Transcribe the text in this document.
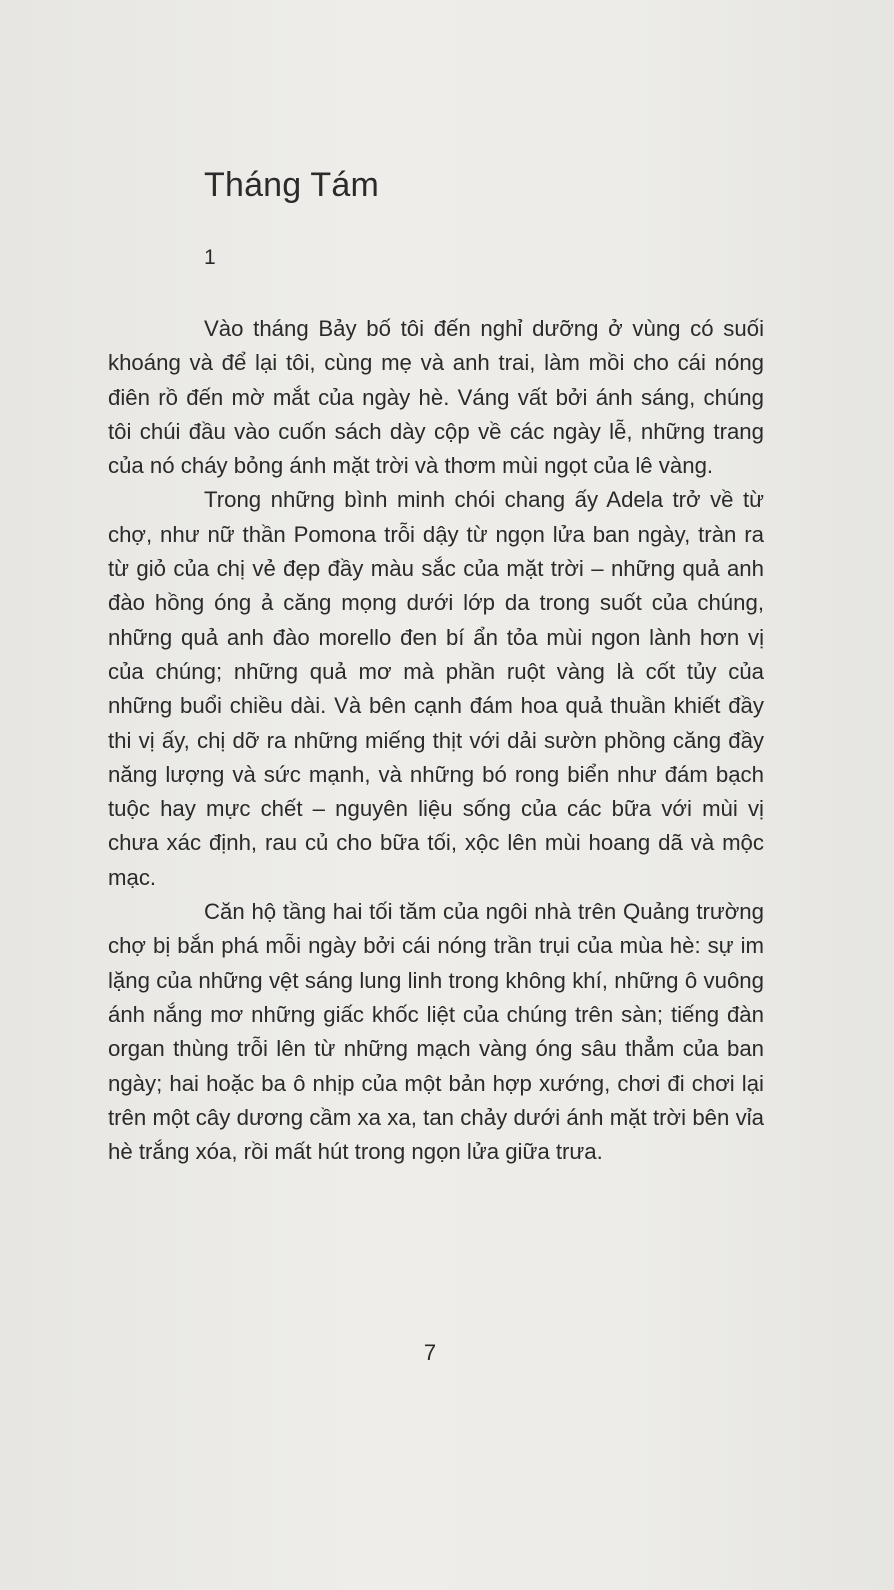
Tháng Tám
1

Vào tháng Bảy bố tôi đến nghỉ dưỡng ở vùng có suối khoáng và để lại tôi, cùng mẹ và anh trai, làm mồi cho cái nóng điên rồ đến mờ mắt của ngày hè. Váng vất bởi ánh sáng, chúng tôi chúi đầu vào cuốn sách dày cộp về các ngày lễ, những trang của nó cháy bỏng ánh mặt trời và thơm mùi ngọt của lê vàng.

Trong những bình minh chói chang ấy Adela trở về từ chợ, như nữ thần Pomona trỗi dậy từ ngọn lửa ban ngày, tràn ra từ giỏ của chị vẻ đẹp đầy màu sắc của mặt trời – những quả anh đào hồng óng ả căng mọng dưới lớp da trong suốt của chúng, những quả anh đào morello đen bí ẩn tỏa mùi ngon lành hơn vị của chúng; những quả mơ mà phần ruột vàng là cốt tủy của những buổi chiều dài. Và bên cạnh đám hoa quả thuần khiết đầy thi vị ấy, chị dỡ ra những miếng thịt với dải sườn phồng căng đầy năng lượng và sức mạnh, và những bó rong biển như đám bạch tuộc hay mực chết – nguyên liệu sống của các bữa với mùi vị chưa xác định, rau củ cho bữa tối, xộc lên mùi hoang dã và mộc mạc.

Căn hộ tầng hai tối tăm của ngôi nhà trên Quảng trường chợ bị bắn phá mỗi ngày bởi cái nóng trần trụi của mùa hè: sự im lặng của những vệt sáng lung linh trong không khí, những ô vuông ánh nắng mơ những giấc khốc liệt của chúng trên sàn; tiếng đàn organ thùng trỗi lên từ những mạch vàng óng sâu thẳm của ban ngày; hai hoặc ba ô nhịp của một bản hợp xướng, chơi đi chơi lại trên một cây dương cầm xa xa, tan chảy dưới ánh mặt trời bên vỉa hè trắng xóa, rồi mất hút trong ngọn lửa giữa trưa.

7
